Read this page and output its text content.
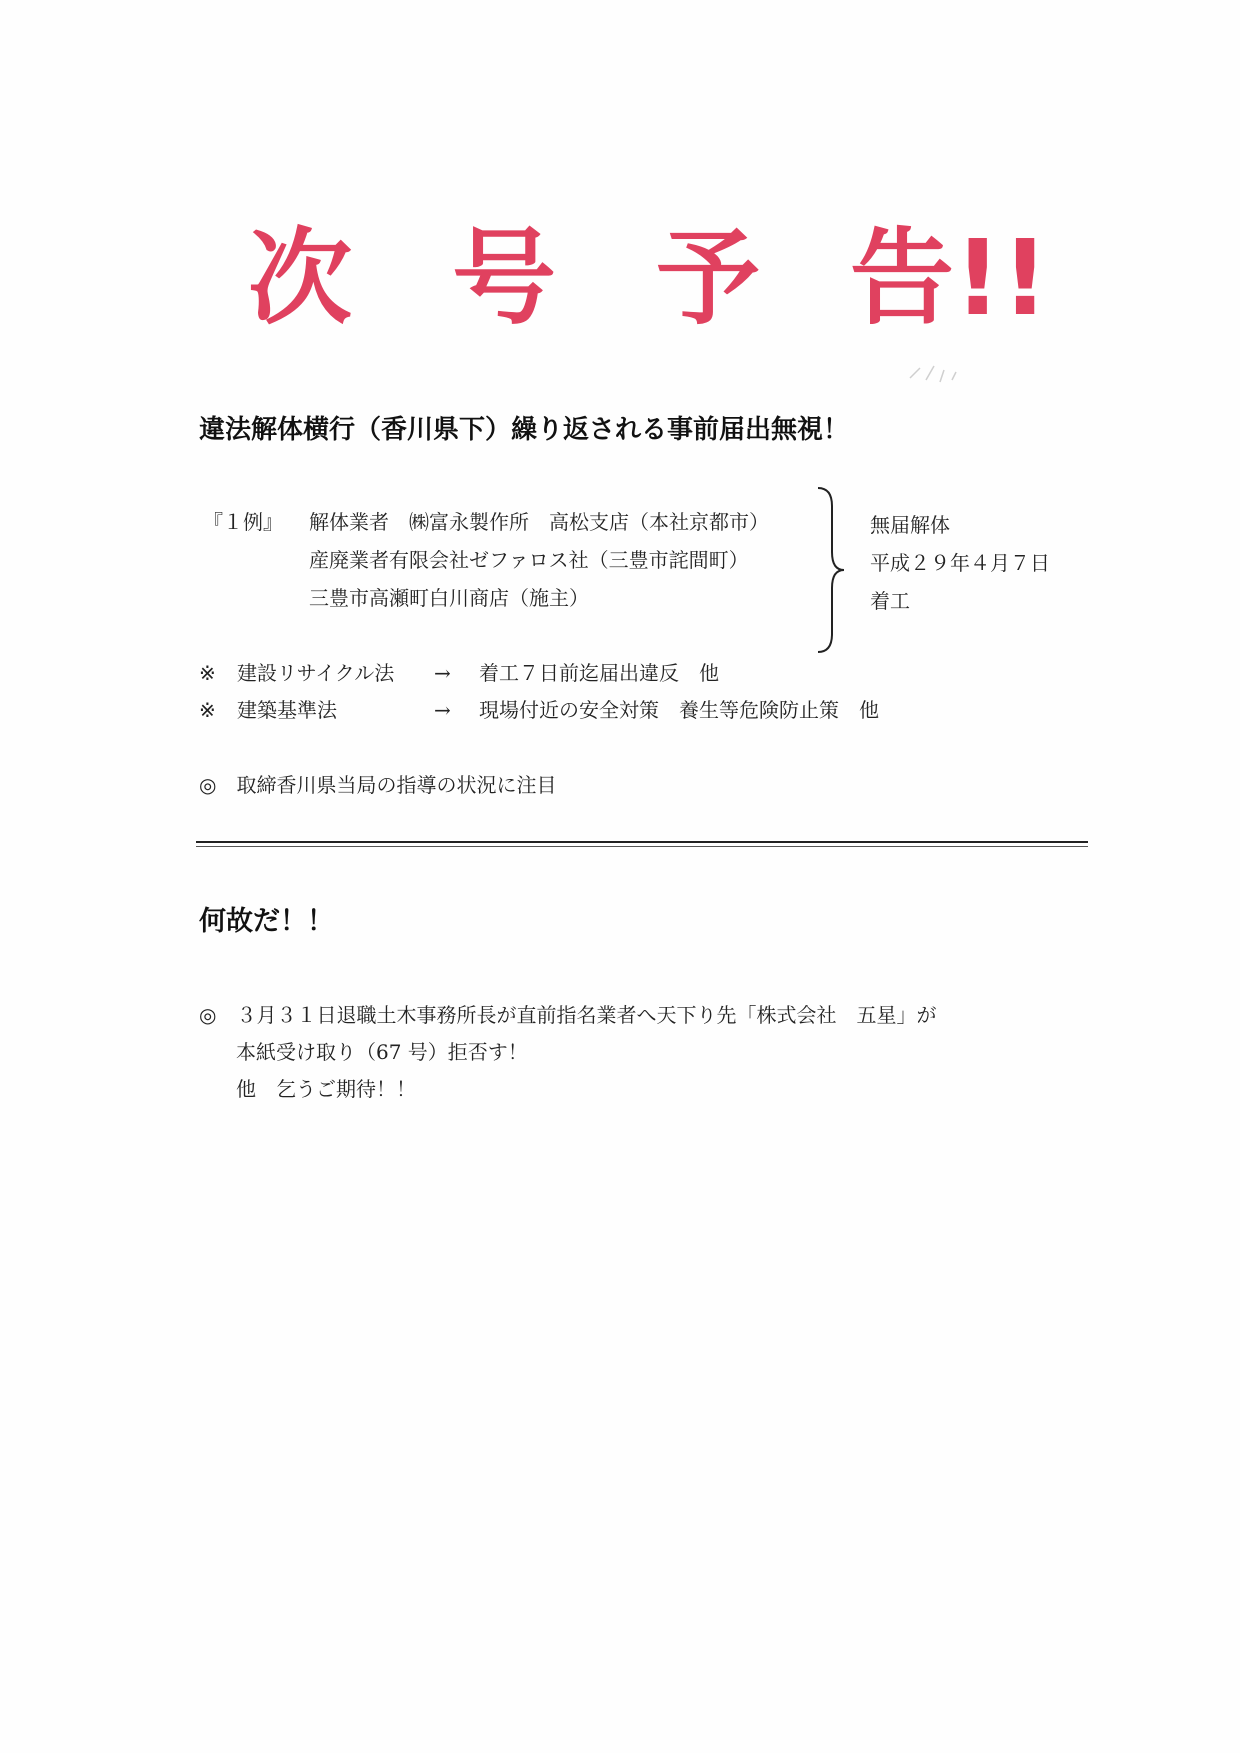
次 号 予 告!!
違法解体横行（香川県下）繰り返される事前届出無視！
『１例』 解体業者　㈱富永製作所　高松支店（本社京都市）
産廃業者有限会社ゼファロス社（三豊市詫間町）
三豊市高瀬町白川商店（施主）
無届解体
平成２９年４月７日
着工
※ 建設リサイクル法 → 着工７日前迄届出違反　他
※ 建築基準法	→ 現場付近の安全対策　養生等危険防止策　他
◎　取締香川県当局の指導の状況に注目
何故だ！！
◎　３月３１日退職土木事務所長が直前指名業者へ天下り先「株式会社　五星」が
本紙受け取り（67 号）拒否す！
他　乞うご期待！！
